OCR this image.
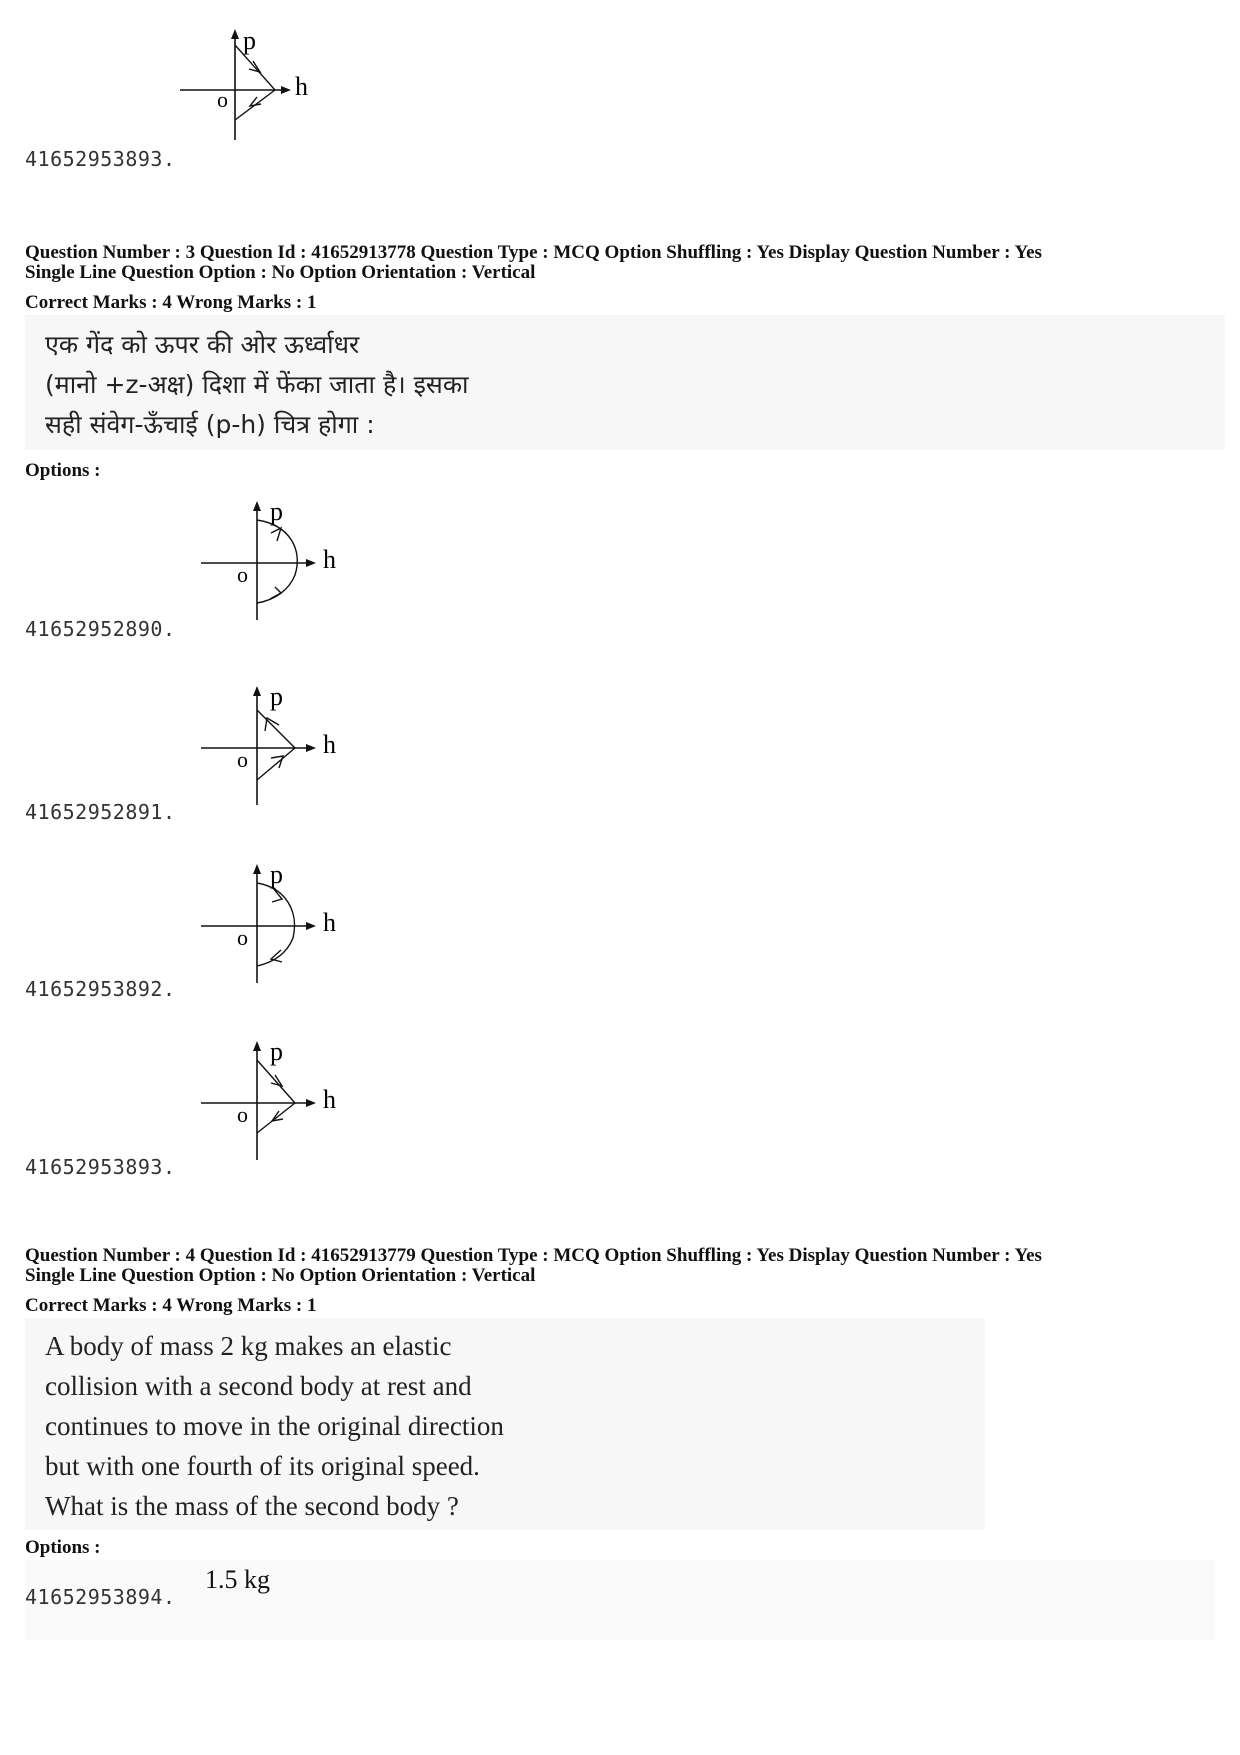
p
h
o
41652953893.
Question Number : 3 Question Id : 41652913778 Question Type : MCQ Option Shuffling : Yes Display Question Number : Yes
Single Line Question Option : No Option Orientation : Vertical
Correct Marks : 4 Wrong Marks : 1
एक गेंद को ऊपर की ओर ऊर्ध्वाधर
(मानो +z-अक्ष) दिशा में फेंका जाता है। इसका
सही संवेग-ऊँचाई (p-h) चित्र होगा :
Options :
p
h
o
41652952890.
p
h
o
41652952891.
p
h
o
41652953892.
p
h
o
41652953893.
Question Number : 4 Question Id : 41652913779 Question Type : MCQ Option Shuffling : Yes Display Question Number : Yes
Single Line Question Option : No Option Orientation : Vertical
Correct Marks : 4 Wrong Marks : 1
A body of mass 2 kg makes an elastic
collision with a second body at rest and
continues to move in the original direction
but with one fourth of its original speed.
What is the mass of the second body ?
Options :
41652953894.
1.5 kg
